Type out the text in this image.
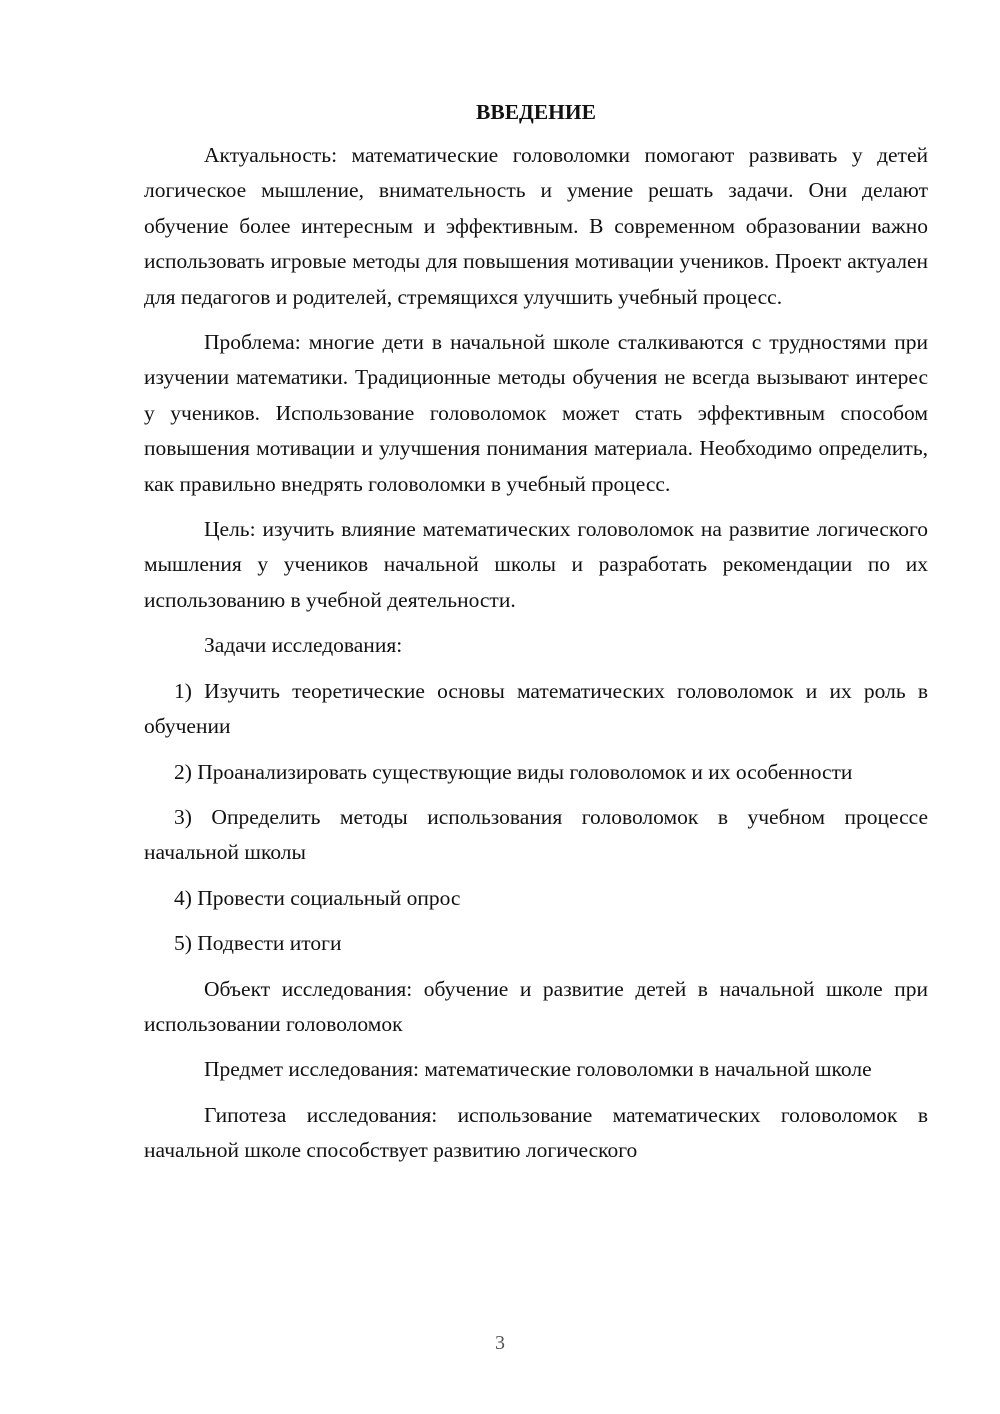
ВВЕДЕНИЕ

Актуальность: математические головоломки помогают развивать у детей логическое мышление, внимательность и умение решать задачи. Они делают обучение более интересным и эффективным. В современном образовании важно использовать игровые методы для повышения мотивации учеников. Проект актуален для педагогов и родителей, стремящихся улучшить учебный процесс.

Проблема: многие дети в начальной школе сталкиваются с трудностями при изучении математики. Традиционные методы обучения не всегда вызывают интерес у учеников. Использование головоломок может стать эффективным способом повышения мотивации и улучшения понимания материала. Необходимо определить, как правильно внедрять головоломки в учебный процесс.

Цель: изучить влияние математических головоломок на развитие логического мышления у учеников начальной школы и разработать рекомендации по их использованию в учебной деятельности.

Задачи исследования:

1) Изучить теоретические основы математических головоломок и их роль в обучении

2) Проанализировать существующие виды головоломок и их особенности

3) Определить методы использования головоломок в учебном процессе начальной школы

4) Провести социальный опрос

5) Подвести итоги

Объект исследования: обучение и развитие детей в начальной школе при использовании головоломок

Предмет исследования: математические головоломки в начальной школе

Гипотеза исследования: использование математических головоломок в начальной школе способствует развитию логического

3
